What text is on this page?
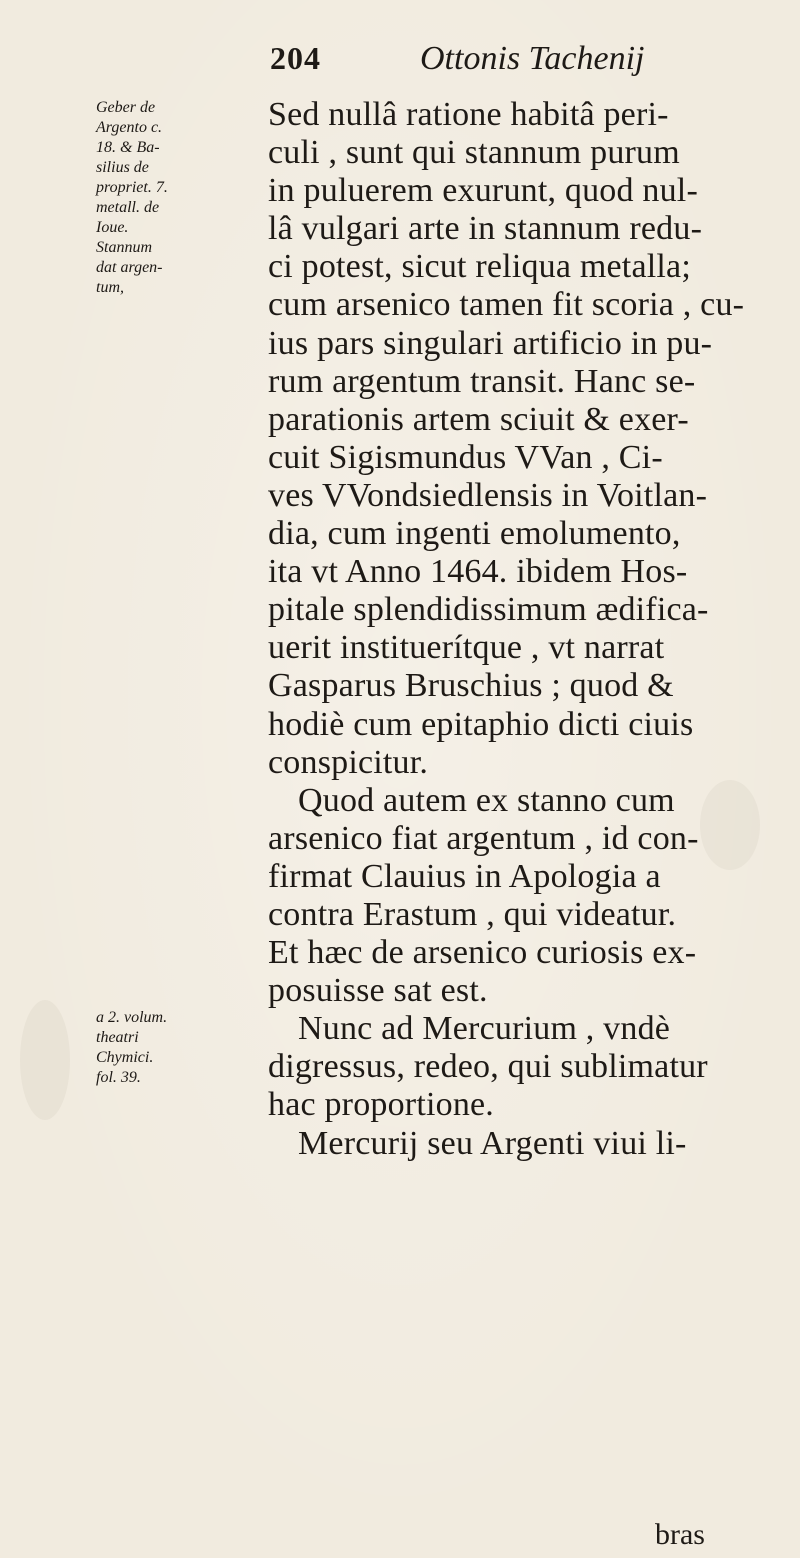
204	Ottonis Tachenij
Geber de
Argento c.
18. & Ba-
silius de
propriet. 7.
metall. de
Ioue.
Stannum
dat argen-
tum,
a 2. volum.
theatri
Chymici.
fol. 39.
Sed nullâ ratione habitâ peri-
culi , sunt qui stannum purum
in puluerem exurunt, quod nul-
lâ vulgari arte in stannum redu-
ci potest, sicut reliqua metalla;
cum arsenico tamen fit scoria , cu-
ius pars singulari artificio in pu-
rum argentum transit. Hanc se-
parationis artem sciuit & exer-
cuit Sigismundus VVan , Ci-
ves VVondsiedlensis in Voitlan-
dia, cum ingenti emolumento,
ita vt Anno 1464. ibidem Hos-
pitale splendidissimum ædifica-
uerit instituerítque , vt narrat
Gasparus Bruschius ; quod &
hodiè cum epitaphio dicti ciuis
conspicitur.
Quod autem ex stanno cum
arsenico fiat argentum , id con-
firmat Clauius in Apologia a
contra Erastum , qui videatur.
Et hæc de arsenico curiosis ex-
posuisse sat est.
Nunc ad Mercurium , vndè
digressus, redeo, qui sublimatur
hac proportione.
Mercurij seu Argenti viui li-
bras
